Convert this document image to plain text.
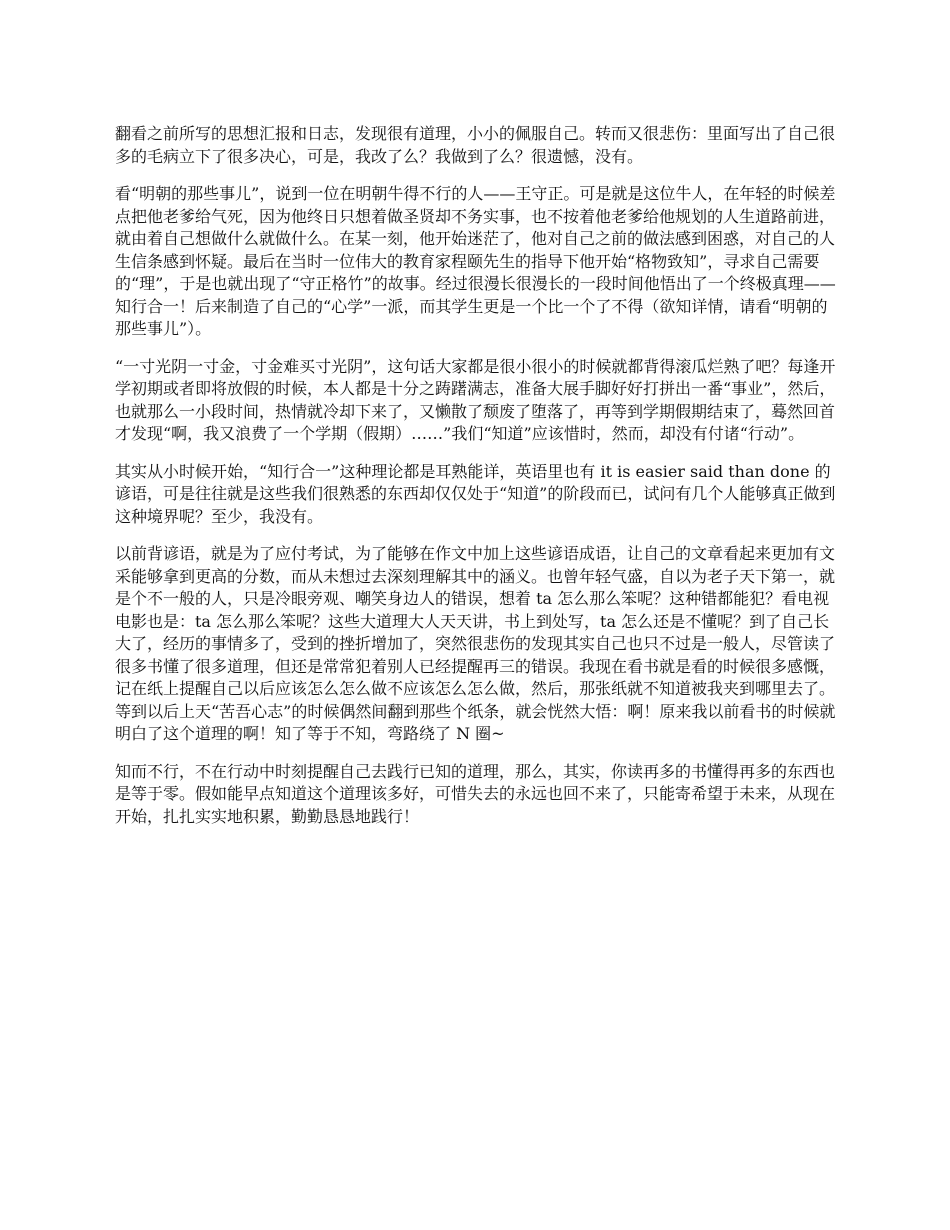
翻看之前所写的思想汇报和日志，发现很有道理，小小的佩服自己。转而又很悲伤：里面写出了自己很多的毛病立下了很多决心，可是，我改了么？我做到了么？很遗憾，没有。

看“明朝的那些事儿”，说到一位在明朝牛得不行的人——王守正。可是就是这位牛人，在年轻的时候差点把他老爹给气死，因为他终日只想着做圣贤却不务实事，也不按着他老爹给他规划的人生道路前进，就由着自己想做什么就做什么。在某一刻，他开始迷茫了，他对自己之前的做法感到困惑，对自己的人生信条感到怀疑。最后在当时一位伟大的教育家程颐先生的指导下他开始“格物致知”，寻求自己需要的“理”，于是也就出现了“守正格竹”的故事。经过很漫长很漫长的一段时间他悟出了一个终极真理——知行合一！后来制造了自己的“心学”一派，而其学生更是一个比一个了不得（欲知详情，请看“明朝的那些事儿”）。

“一寸光阴一寸金，寸金难买寸光阴”，这句话大家都是很小很小的时候就都背得滚瓜烂熟了吧？每逢开学初期或者即将放假的时候，本人都是十分之踌躇满志，准备大展手脚好好打拼出一番“事业”，然后，也就那么一小段时间，热情就冷却下来了，又懒散了颓废了堕落了，再等到学期假期结束了，蓦然回首才发现“啊，我又浪费了一个学期（假期）……”我们“知道”应该惜时，然而，却没有付诸“行动”。

其实从小时候开始，“知行合一”这种理论都是耳熟能详，英语里也有 it is easier said than done 的谚语，可是往往就是这些我们很熟悉的东西却仅仅处于“知道”的阶段而已，试问有几个人能够真正做到这种境界呢？至少，我没有。

以前背谚语，就是为了应付考试，为了能够在作文中加上这些谚语成语，让自己的文章看起来更加有文采能够拿到更高的分数，而从未想过去深刻理解其中的涵义。也曾年轻气盛，自以为老子天下第一，就是个不一般的人，只是冷眼旁观、嘲笑身边人的错误，想着 ta 怎么那么笨呢？这种错都能犯？看电视电影也是：ta 怎么那么笨呢？这些大道理大人天天讲，书上到处写，ta 怎么还是不懂呢？到了自己长大了，经历的事情多了，受到的挫折增加了，突然很悲伤的发现其实自己也只不过是一般人，尽管读了很多书懂了很多道理，但还是常常犯着别人已经提醒再三的错误。我现在看书就是看的时候很多感慨，记在纸上提醒自己以后应该怎么怎么做不应该怎么怎么做，然后，那张纸就不知道被我夹到哪里去了。等到以后上天“苦吾心志”的时候偶然间翻到那些个纸条，就会恍然大悟：啊！原来我以前看书的时候就明白了这个道理的啊！知了等于不知，弯路绕了 N 圈~

知而不行，不在行动中时刻提醒自己去践行已知的道理，那么，其实，你读再多的书懂得再多的东西也是等于零。假如能早点知道这个道理该多好，可惜失去的永远也回不来了，只能寄希望于未来，从现在开始，扎扎实实地积累，勤勤恳恳地践行！
